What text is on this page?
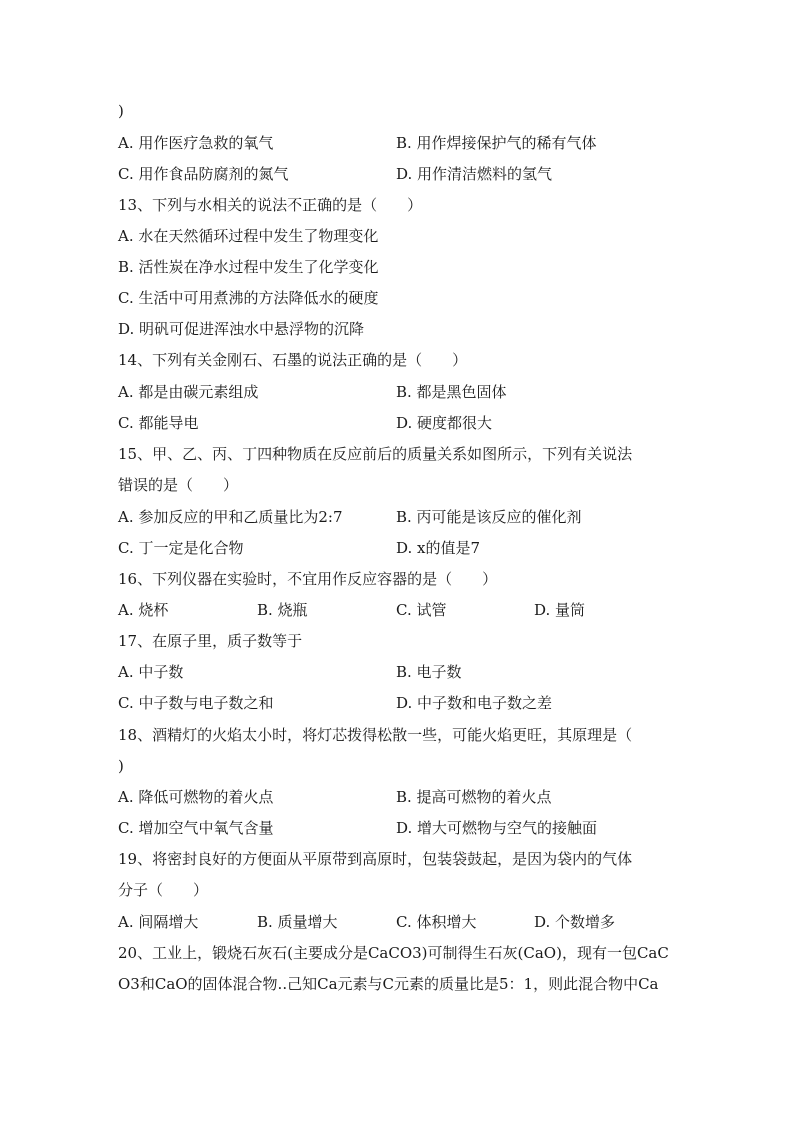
)
A. 用作医疗急救的氧气	B. 用作焊接保护气的稀有气体
C. 用作食品防腐剂的氮气	D. 用作清洁燃料的氢气
13、下列与水相关的说法不正确的是（　　）
A. 水在天然循环过程中发生了物理变化
B. 活性炭在净水过程中发生了化学变化
C. 生活中可用煮沸的方法降低水的硬度
D. 明矾可促进浑浊水中悬浮物的沉降
14、下列有关金刚石、石墨的说法正确的是（　　）
A. 都是由碳元素组成	B. 都是黑色固体
C. 都能导电	D. 硬度都很大
15、甲、乙、丙、丁四种物质在反应前后的质量关系如图所示，下列有关说法
错误的是（　　）
A. 参加反应的甲和乙质量比为2:7	B. 丙可能是该反应的催化剂
C. 丁一定是化合物	D. x的值是7
16、下列仪器在实验时，不宜用作反应容器的是（　　）
A. 烧杯	B. 烧瓶	C. 试管	D. 量筒
17、在原子里，质子数等于
A. 中子数	B. 电子数
C. 中子数与电子数之和	D. 中子数和电子数之差
18、酒精灯的火焰太小时，将灯芯拨得松散一些，可能火焰更旺，其原理是（
)
A. 降低可燃物的着火点	B. 提高可燃物的着火点
C. 增加空气中氧气含量	D. 增大可燃物与空气的接触面
19、将密封良好的方便面从平原带到高原时，包装袋鼓起，是因为袋内的气体
分子（　　）
A. 间隔增大	B. 质量增大	C. 体积增大	D. 个数增多
20、工业上，锻烧石灰石(主要成分是CaCO3)可制得生石灰(CaO)，现有一包CaC
O3和CaO的固体混合物..己知Ca元素与C元素的质量比是5：1，则此混合物中Ca
